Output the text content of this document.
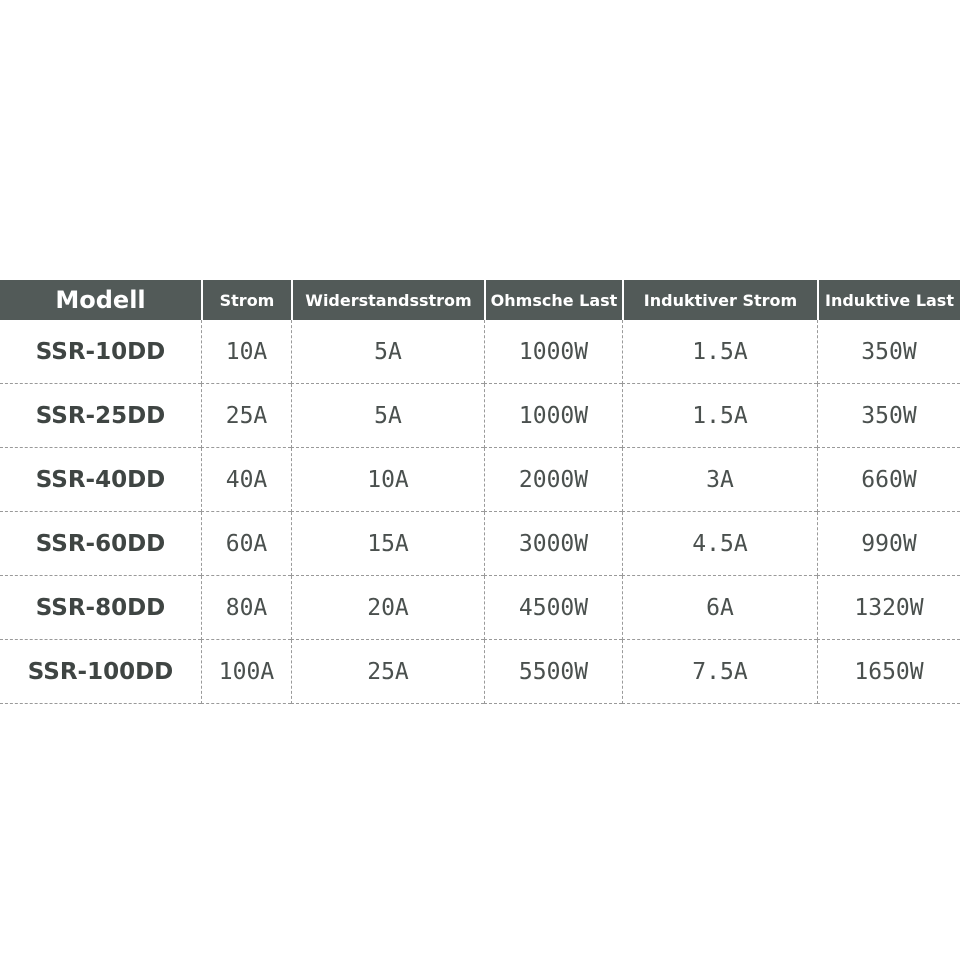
Modell	Strom	Widerstandsstrom	Ohmsche Last	Induktiver Strom	Induktive Last
SSR-10DD	10A	5A	1000W	1.5A	350W
SSR-25DD	25A	5A	1000W	1.5A	350W
SSR-40DD	40A	10A	2000W	3A	660W
SSR-60DD	60A	15A	3000W	4.5A	990W
SSR-80DD	80A	20A	4500W	6A	1320W
SSR-100DD	100A	25A	5500W	7.5A	1650W
